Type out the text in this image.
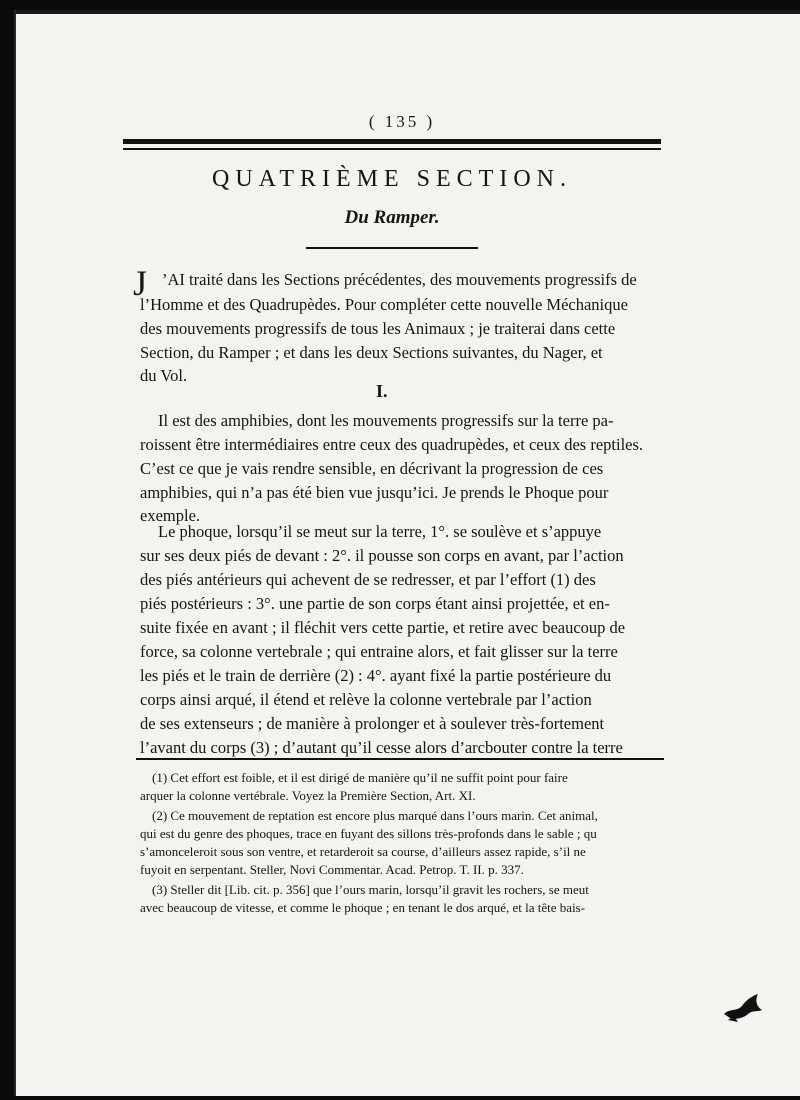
( 135 )
QUATRIÈME SECTION.
Du Ramper.
J ’AI traité dans les Sections précédentes, des mouvements progressifs de
l’Homme et des Quadrupèdes. Pour compléter cette nouvelle Méchanique
des mouvements progressifs de tous les Animaux ; je traiterai dans cette
Section, du Ramper ; et dans les deux Sections suivantes, du Nager, et
du Vol.
I.
Il est des amphibies, dont les mouvements progressifs sur la terre pa-
roissent être intermédiaires entre ceux des quadrupèdes, et ceux des reptiles.
C’est ce que je vais rendre sensible, en décrivant la progression de ces
amphibies, qui n’a pas été bien vue jusqu’ici. Je prends le Phoque pour
exemple.
Le phoque, lorsqu’il se meut sur la terre, 1°. se soulève et s’appuye
sur ses deux piés de devant : 2°. il pousse son corps en avant, par l’action
des piés antérieurs qui achevent de se redresser, et par l’effort (1) des
piés postérieurs : 3°. une partie de son corps étant ainsi projettée, et en-
suite fixée en avant ; il fléchit vers cette partie, et retire avec beaucoup de
force, sa colonne vertebrale ; qui entraine alors, et fait glisser sur la terre
les piés et le train de derrière (2) : 4°. ayant fixé la partie postérieure du
corps ainsi arqué, il étend et relève la colonne vertebrale par l’action
de ses extenseurs ; de manière à prolonger et à soulever très-fortement
l’avant du corps (3) ; d’autant qu’il cesse alors d’arcbouter contre la terre
(1) Cet effort est foible, et il est dirigé de manière qu’il ne suffit point pour faire
arquer la colonne vertébrale. Voyez la Première Section, Art. XI.
(2) Ce mouvement de reptation est encore plus marqué dans l’ours marin. Cet animal,
qui est du genre des phoques, trace en fuyant des sillons très-profonds dans le sable ; qu
s’amonceleroit sous son ventre, et retarderoit sa course, d’ailleurs assez rapide, s’il ne
fuyoit en serpentant. Steller, Novi Commentar. Acad. Petrop. T. II. p. 337.
(3) Steller dit [Lib. cit. p. 356] que l’ours marin, lorsqu’il gravit les rochers, se meut
avec beaucoup de vitesse, et comme le phoque ; en tenant le dos arqué, et la tête bais-
